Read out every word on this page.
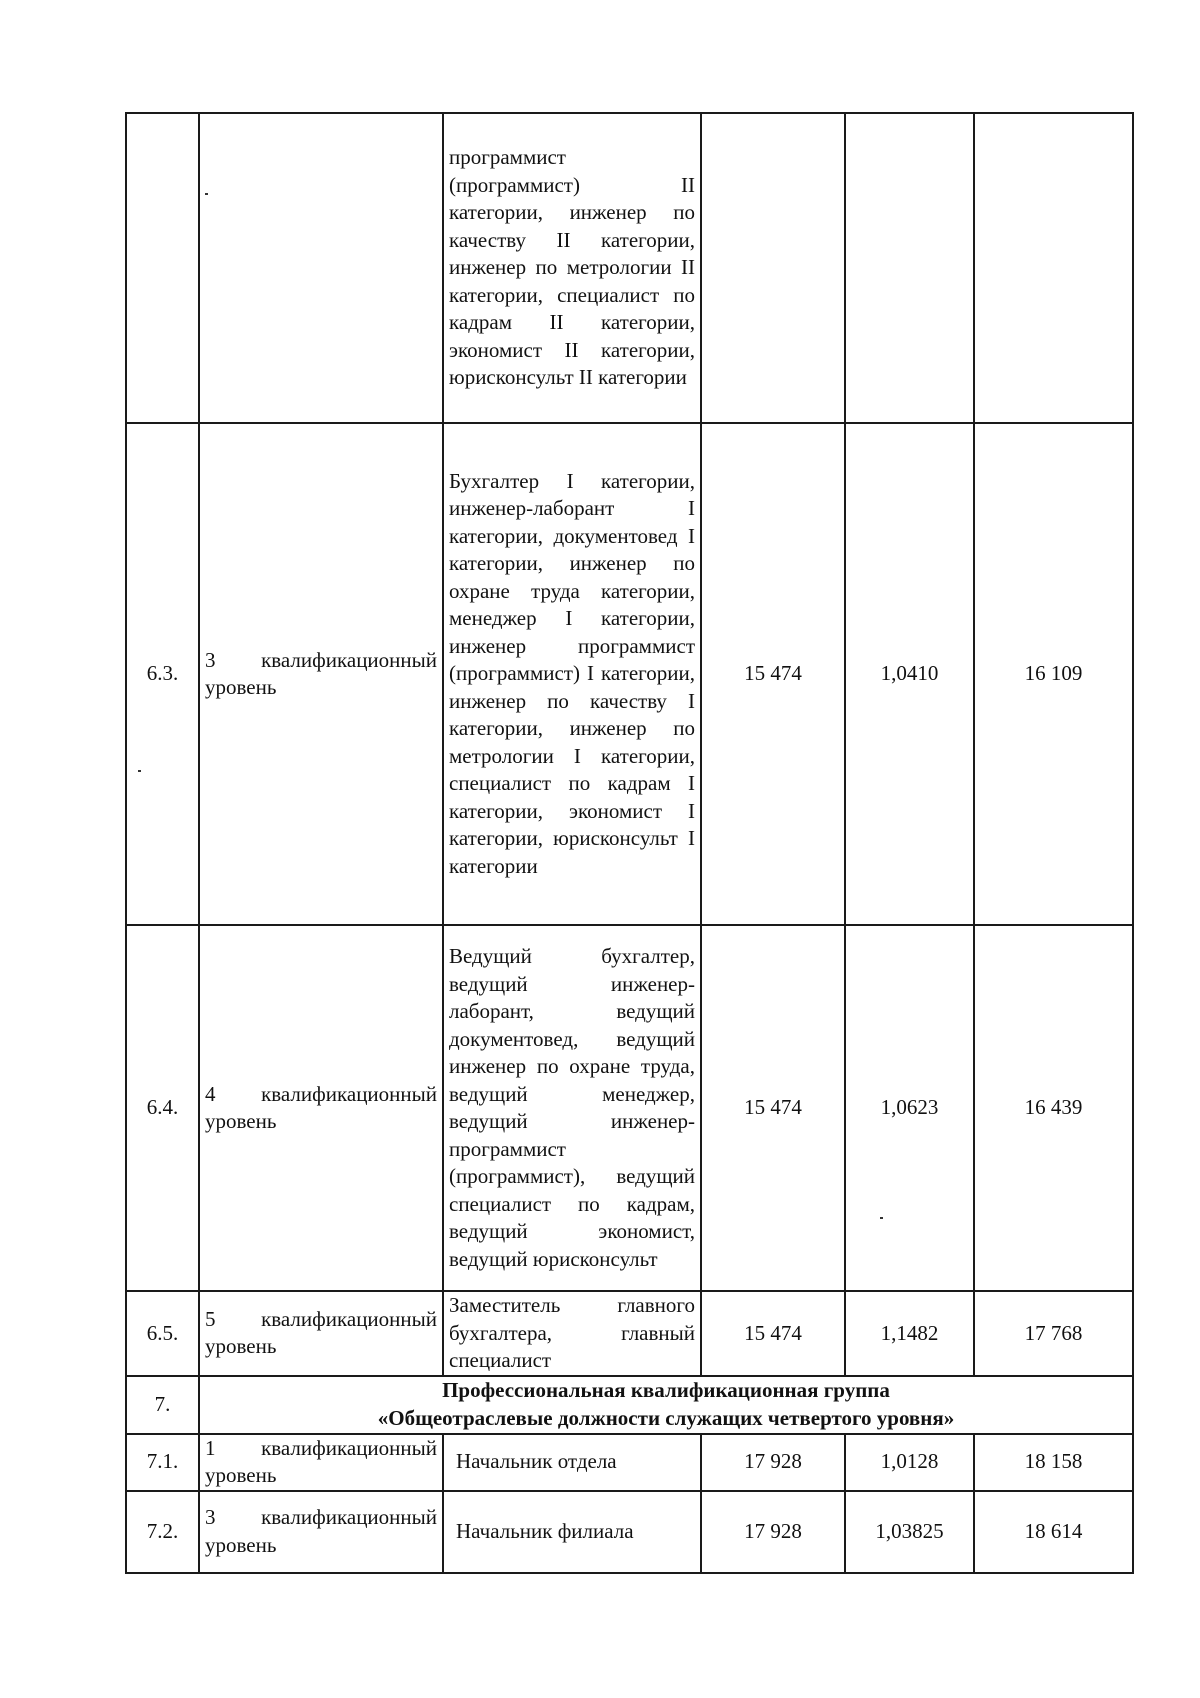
		программист (программист) II категории, инженер по качеству II категории, инженер по метрологии II категории, специалист по кадрам II категории, экономист II категории, юрисконсульт II категории			
6.3.	3 квалификационный уровень	Бухгалтер I категории, инженер-лаборант I категории, документовед I категории, инженер по охране труда категории, менеджер I категории, инженер программист (программист) I категории, инженер по качеству I категории, инженер по метрологии I категории, специалист по кадрам I категории, экономист I категории, юрисконсульт I категории	15 474	1,0410	16 109
6.4.	4 квалификационный уровень	Ведущий бухгалтер, ведущий инженер-лаборант, ведущий документовед, ведущий инженер по охране труда, ведущий менеджер, ведущий инженер-программист (программист), ведущий специалист по кадрам, ведущий экономист, ведущий юрисконсульт	15 474	1,0623	16 439
6.5.	5 квалификационный уровень	Заместитель главного бухгалтера, главный специалист	15 474	1,1482	17 768
7.	Профессиональная квалификационная группа
«Общеотраслевые должности служащих четвертого уровня»				

7.1.	1 квалификационный уровень	Начальник отдела	17 928	1,0128	18 158
7.2.	3 квалификационный уровень	Начальник филиала	17 928	1,03825	18 614
